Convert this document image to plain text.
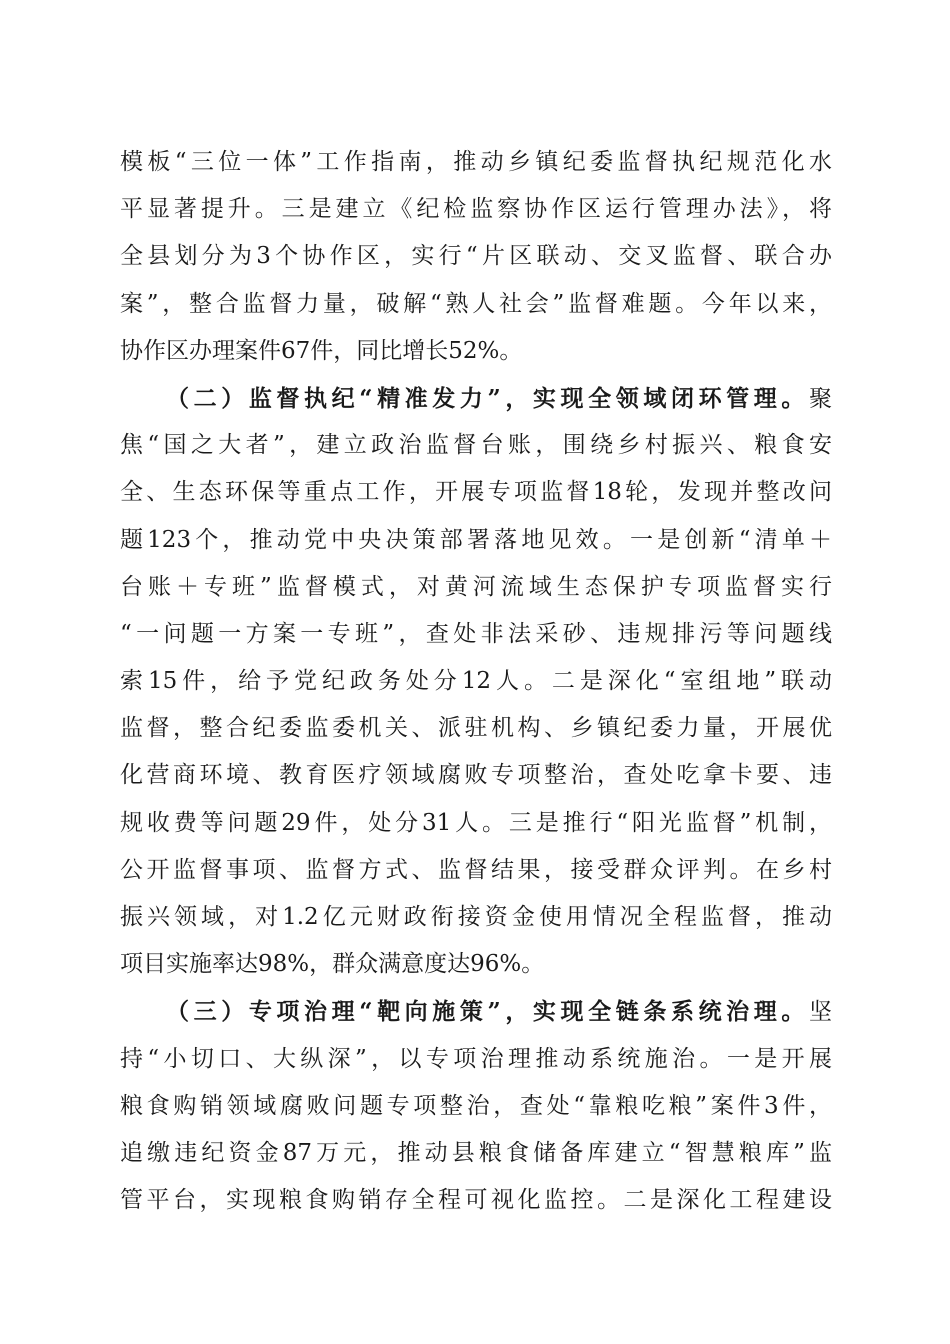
模板“三位一体”工作指南，推动乡镇纪委监督执纪规范化水
平显著提升。三是建立《纪检监察协作区运行管理办法》，将
全县划分为3个协作区，实行“片区联动、交叉监督、联合办
案”，整合监督力量，破解“熟人社会”监督难题。今年以来，
协作区办理案件67件，同比增长52%。
（二）监督执纪“精准发力”，实现全领域闭环管理。聚
焦“国之大者”，建立政治监督台账，围绕乡村振兴、粮食安
全、生态环保等重点工作，开展专项监督18轮，发现并整改问
题123个，推动党中央决策部署落地见效。一是创新“清单＋
台账＋专班”监督模式，对黄河流域生态保护专项监督实行
“一问题一方案一专班”，查处非法采砂、违规排污等问题线
索15件，给予党纪政务处分12人。二是深化“室组地”联动
监督，整合纪委监委机关、派驻机构、乡镇纪委力量，开展优
化营商环境、教育医疗领域腐败专项整治，查处吃拿卡要、违
规收费等问题29件，处分31人。三是推行“阳光监督”机制，
公开监督事项、监督方式、监督结果，接受群众评判。在乡村
振兴领域，对1.2亿元财政衔接资金使用情况全程监督，推动
项目实施率达98%，群众满意度达96%。
（三）专项治理“靶向施策”，实现全链条系统治理。坚
持“小切口、大纵深”，以专项治理推动系统施治。一是开展
粮食购销领域腐败问题专项整治，查处“靠粮吃粮”案件3件，
追缴违纪资金87万元，推动县粮食储备库建立“智慧粮库”监
管平台，实现粮食购销存全程可视化监控。二是深化工程建设
